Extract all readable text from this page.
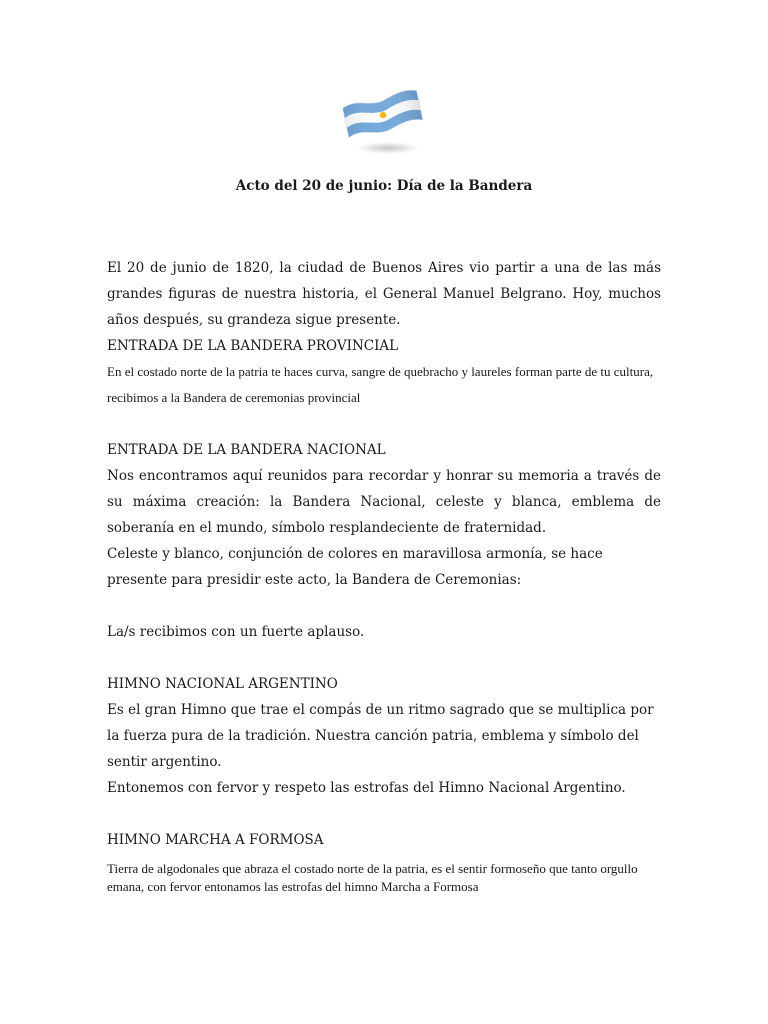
Acto del 20 de junio: Día de la Bandera

El 20 de junio de 1820, la ciudad de Buenos Aires vio partir a una de las más grandes figuras de nuestra historia, el General Manuel Belgrano. Hoy, muchos años después, su grandeza sigue presente.

ENTRADA DE LA BANDERA PROVINCIAL

En el costado norte de la patria te haces curva, sangre de quebracho y laureles forman parte de tu cultura, recibimos a la Bandera de ceremonias provincial

ENTRADA DE LA BANDERA NACIONAL

Nos encontramos aquí reunidos para recordar y honrar su memoria a través de su máxima creación: la Bandera Nacional, celeste y blanca, emblema de soberanía en el mundo, símbolo resplandeciente de fraternidad.

Celeste y blanco, conjunción de colores en maravillosa armonía, se hace presente para presidir este acto, la Bandera de Ceremonias:

La/s recibimos con un fuerte aplauso.

HIMNO NACIONAL ARGENTINO

Es el gran Himno que trae el compás de un ritmo sagrado que se multiplica por la fuerza pura de la tradición. Nuestra canción patria, emblema y símbolo del sentir argentino.

Entonemos con fervor y respeto las estrofas del Himno Nacional Argentino.

HIMNO MARCHA A FORMOSA

Tierra de algodonales que abraza el costado norte de la patria, es el sentir formoseño que tanto orgullo emana, con fervor entonamos las estrofas del himno Marcha a Formosa
